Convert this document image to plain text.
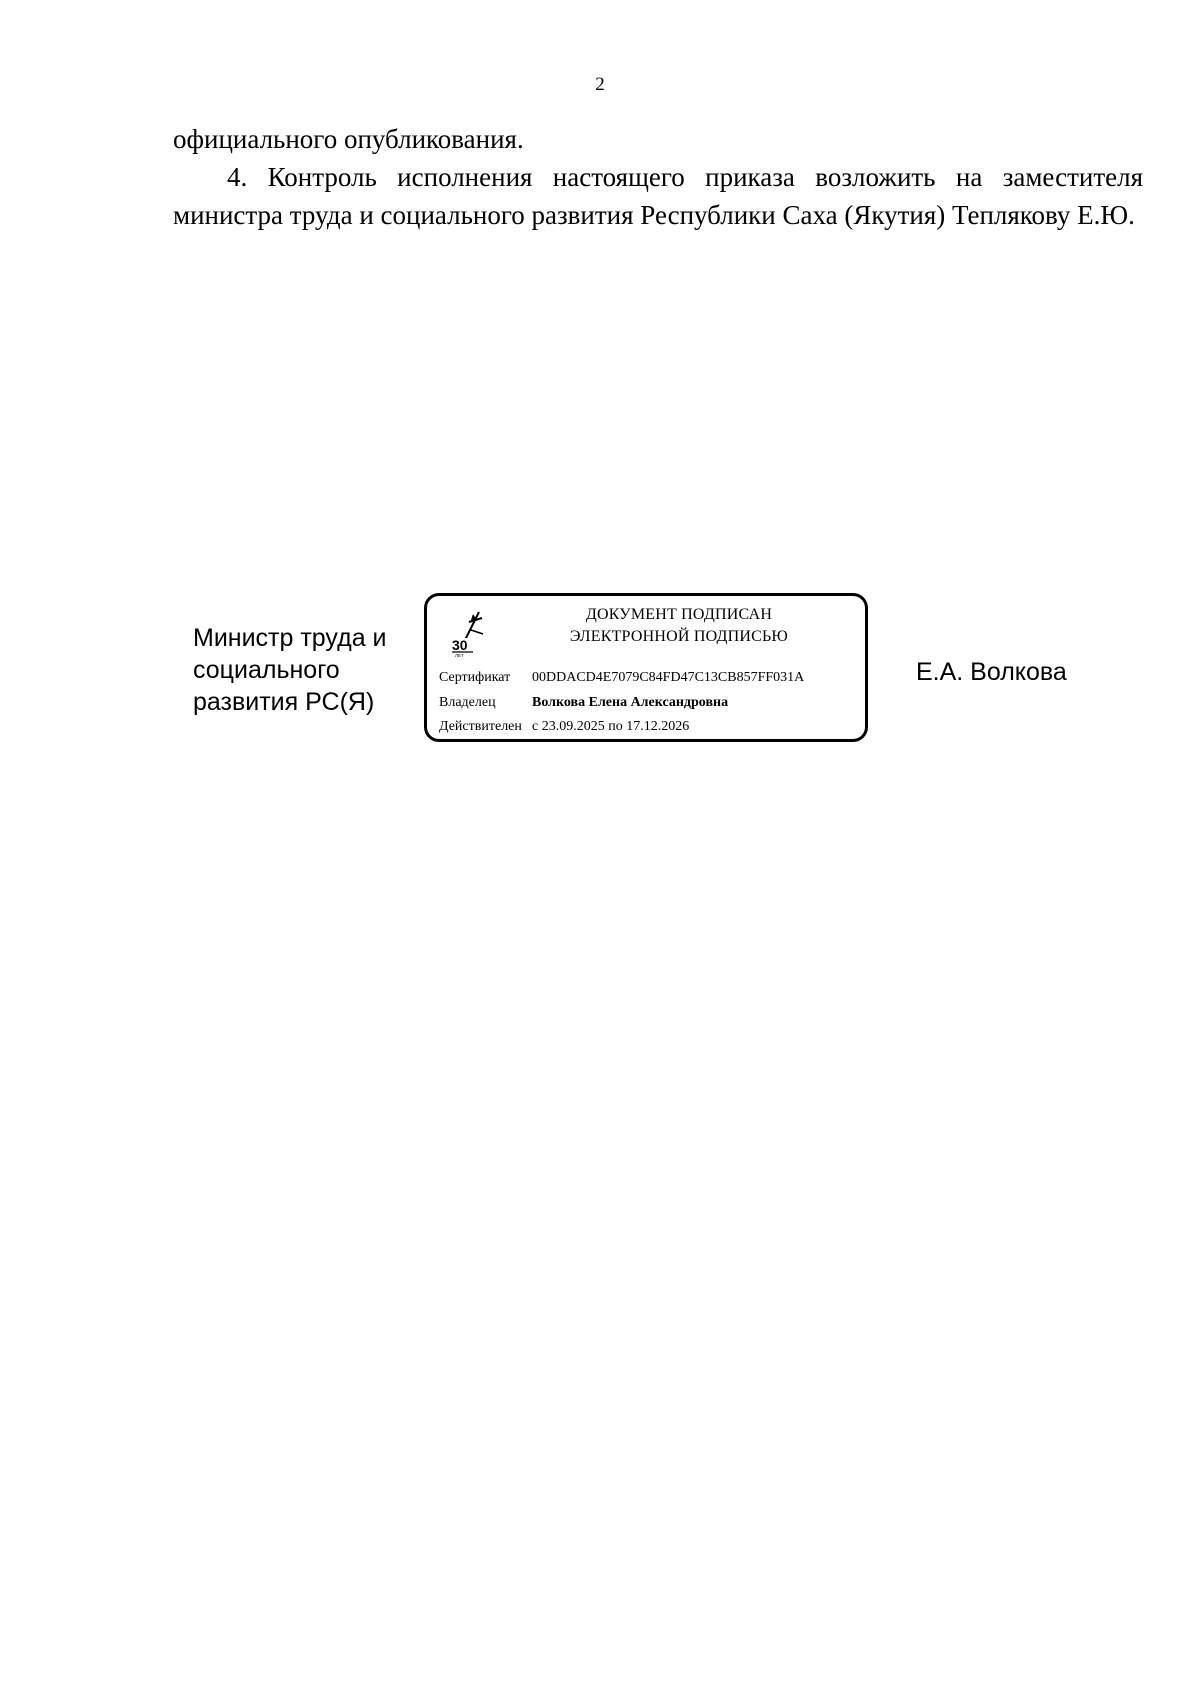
2

официального опубликования.

4. Контроль исполнения настоящего приказа возложить на заместителя министра труда и социального развития Республики Саха (Якутия) Теплякову Е.Ю.

Министр труда и
социального
развития РС(Я)
30
ЛЕТ
ДОКУМЕНТ ПОДПИСАН
ЭЛЕКТРОННОЙ ПОДПИСЬЮ
Сертификат 00DDACD4E7079C84FD47C13CB857FF031A
Владелец	Волкова Елена Александровна
Действителен с 23.09.2025 по 17.12.2026
Е.А. Волкова
